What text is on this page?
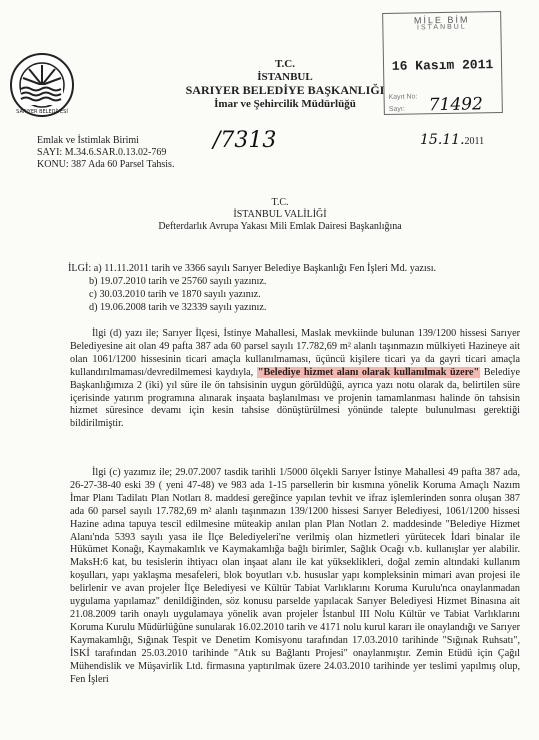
SARIYER BELEDİYESİ
T.C.
İSTANBUL
SARIYER BELEDİYE BAŞKANLIĞI
İmar ve Şehircilik Müdürlüğü
MİLE BİM
İSTANBUL
16 Kasım 2011
Kayıt No:
Sayı: 71492
Emlak ve İstimlak Birimi
SAYI: M.34.6.SAR.0.13.02-769 /7313
KONU: 387 Ada 60 Parsel Tahsis.
15.11.2011
T.C.
İSTANBUL VALİLİĞİ
Defterdarlık Avrupa Yakası Mili Emlak Dairesi Başkanlığına
İLGİ: a) 11.11.2011 tarih ve 3366 sayılı Sarıyer Belediye Başkanlığı Fen İşleri Md. yazısı.
b) 19.07.2010 tarih ve 25760 sayılı yazınız.
c) 30.03.2010 tarih ve 1870 sayılı yazınız.
d) 19.06.2008 tarih ve 32339 sayılı yazınız.
İlgi (d) yazı ile; Sarıyer İlçesi, İstinye Mahallesi, Maslak mevkiinde bulunan 139/1200 hissesi Sarıyer Belediyesine ait olan 49 pafta 387 ada 60 parsel sayılı 17.782,69 m² alanlı taşınmazın mülkiyeti Hazineye ait olan 1061/1200 hissesinin ticari amaçla kullanılmaması, üçüncü kişilere ticari ya da gayri ticari amaçla kullandırılmaması/devredilmemesi kaydıyla, "Belediye hizmet alanı olarak kullanılmak üzere" Belediye Başkanlığımıza 2 (iki) yıl süre ile ön tahsisinin uygun görüldüğü, ayrıca yazı notu olarak da, belirtilen süre içerisinde yatırım programına alınarak inşaata başlanılması ve projenin tamamlanması halinde ön tahsisin hizmet süresince devamı için kesin tahsise dönüştürülmesi yönünde talepte bulunulması gerektiği bildirilmiştir.
İlgi (c) yazımız ile; 29.07.2007 tasdik tarihli 1/5000 ölçekli Sarıyer İstinye Mahallesi 49 pafta 387 ada, 26-27-38-40 eski 39 ( yeni 47-48) ve 983 ada 1-15 parsellerin bir kısmına yönelik Koruma Amaçlı Nazım İmar Planı Tadilatı Plan Notları 8. maddesi gereğince yapılan tevhit ve ifraz işlemlerinden sonra oluşan 387 ada 60 parsel sayılı 17.782,69 m² alanlı taşınmazın 139/1200 hissesi Sarıyer Belediyesi, 1061/1200 hissesi Hazine adına tapuya tescil edilmesine müteakip anılan plan Plan Notları 2. maddesinde "Belediye Hizmet Alanı'nda 5393 sayılı yasa ile İlçe Belediyeleri'ne verilmiş olan hizmetleri yürütecek İdari binalar ile Hükümet Konağı, Kaymakamlık ve Kaymakamlığa bağlı birimler, Sağlık Ocağı v.b. kullanışlar yer alabilir. MaksH:6 kat, bu tesislerin ihtiyacı olan inşaat alanı ile kat yükseklikleri, doğal zemin altındaki kullanım koşulları, yapı yaklaşma mesafeleri, blok boyutları v.b. hususlar yapı kompleksinin mimari avan projesi ile belirlenir ve avan projeler İlçe Belediyesi ve Kültür Tabiat Varlıklarını Koruma Kurulu'nca onaylanmadan uygulama yapılamaz" denildiğinden, söz konusu parselde yapılacak Sarıyer Belediyesi Hizmet Binasına ait 21.08.2009 tarih onaylı uygulamaya yönelik avan projeler İstanbul III Nolu Kültür ve Tabiat Varlıklarını Koruma Kurulu Müdürlüğüne sunularak 16.02.2010 tarih ve 4171 nolu kurul kararı ile onaylandığı ve Sarıyer Kaymakamlığı, Sığınak Tespit ve Denetim Komisyonu tarafından 17.03.2010 tarihinde "Sığınak Ruhsatı", İSKİ tarafından 25.03.2010 tarihinde "Atık su Bağlantı Projesi" onaylanmıştır. Zemin Etüdü için Çağıl Mühendislik ve Müşavirlik Ltd. firmasına yaptırılmak üzere 24.03.2010 tarihinde yer teslimi yapılmış olup, Fen İşleri
